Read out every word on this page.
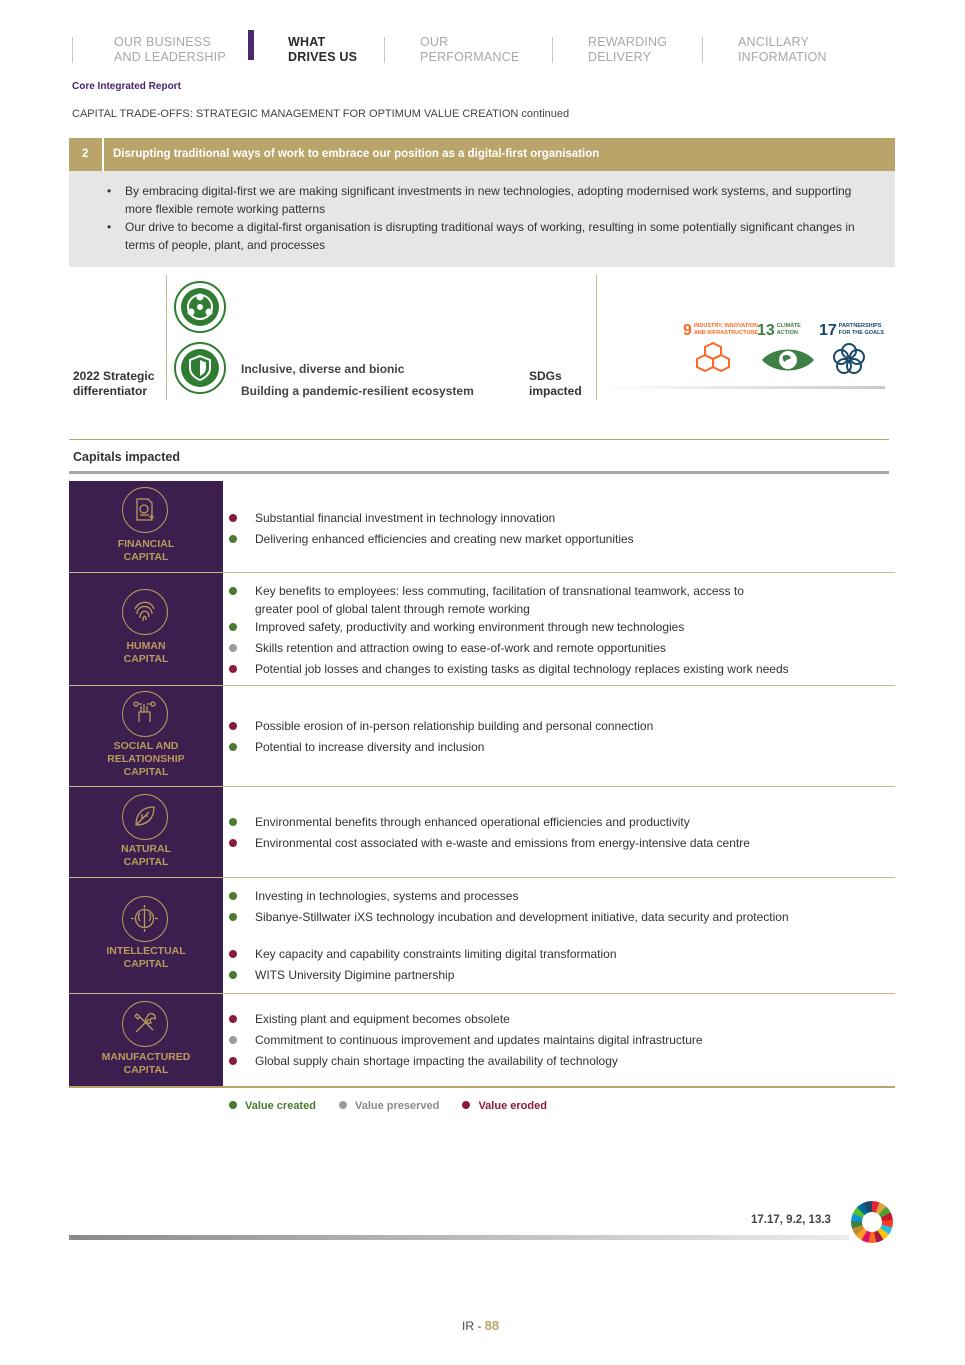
OUR BUSINESS
AND LEADERSHIP
WHAT
DRIVES US
OUR
PERFORMANCE
REWARDING
DELIVERY
ANCILLARY
INFORMATION
Core Integrated Report
CAPITAL TRADE-OFFS: STRATEGIC MANAGEMENT FOR OPTIMUM VALUE CREATION continued
2 Disrupting traditional ways of work to embrace our position as a digital-first organisation
• By embracing digital-first we are making significant investments in new technologies, adopting modernised work systems, and supporting more flexible remote working patterns
• Our drive to become a digital-first organisation is disrupting traditional ways of working, resulting in some potentially significant changes in terms of people, plant, and processes
2022 Strategic
differentiator
Inclusive, diverse and bionic
Building a pandemic-resilient ecosystem
SDGs
impacted
9 INDUSTRY, INNOVATION
AND INFRASTRUCTURE
13 CLIMATE
ACTION 17 PARTNERSHIPS
FOR THE GOALS
Capitals impacted
FINANCIAL
CAPITAL
Substantial financial investment in technology innovation
Delivering enhanced efficiencies and creating new market opportunities
HUMAN
CAPITAL
Key benefits to employees: less commuting, facilitation of transnational teamwork, access to greater pool of global talent through remote working
Improved safety, productivity and working environment through new technologies
Skills retention and attraction owing to ease-of-work and remote opportunities
Potential job losses and changes to existing tasks as digital technology replaces existing work needs
SOCIAL AND
RELATIONSHIP
CAPITAL
Possible erosion of in-person relationship building and personal connection
Potential to increase diversity and inclusion
NATURAL
CAPITAL
Environmental benefits through enhanced operational efficiencies and productivity
Environmental cost associated with e-waste and emissions from energy-intensive data centre
INTELLECTUAL
CAPITAL
Investing in technologies, systems and processes
Sibanye-Stillwater iXS technology incubation and development initiative, data security and protection
Key capacity and capability constraints limiting digital transformation
WITS University Digimine partnership
MANUFACTURED
CAPITAL
Existing plant and equipment becomes obsolete
Commitment to continuous improvement and updates maintains digital infrastructure
Global supply chain shortage impacting the availability of technology
Value created	Value preserved	Value eroded
17.17, 9.2, 13.3
IR - 88
